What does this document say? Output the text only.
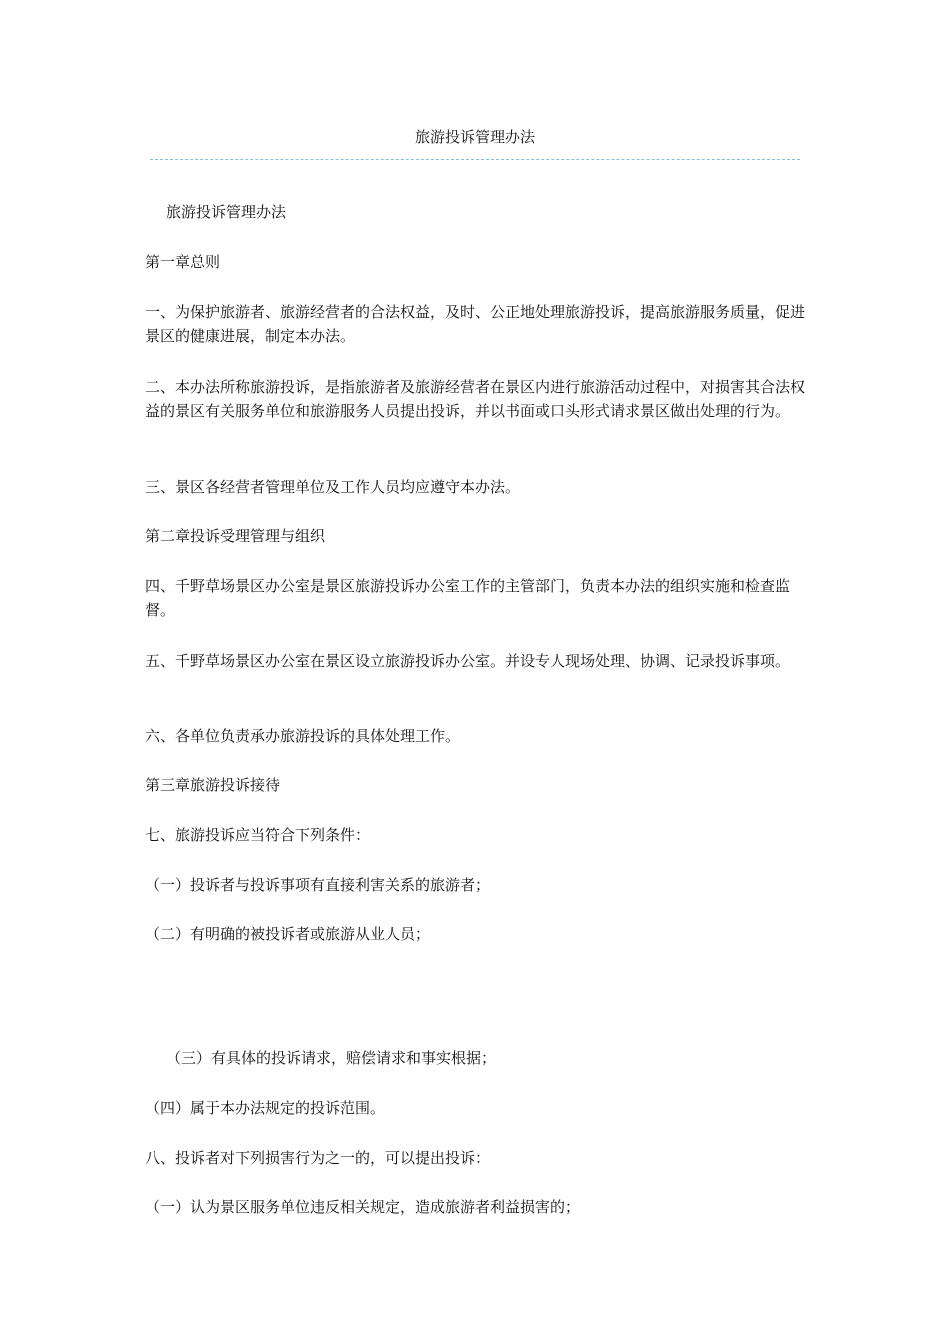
旅游投诉管理办法

旅游投诉管理办法

第一章总则

一、为保护旅游者、旅游经营者的合法权益，及时、公正地处理旅游投诉，提高旅游服务质量，促进景区的健康进展，制定本办法。

二、本办法所称旅游投诉，是指旅游者及旅游经营者在景区内进行旅游活动过程中，对损害其合法权益的景区有关服务单位和旅游服务人员提出投诉，并以书面或口头形式请求景区做出处理的行为。

三、景区各经营者管理单位及工作人员均应遵守本办法。

第二章投诉受理管理与组织

四、千野草场景区办公室是景区旅游投诉办公室工作的主管部门，负责本办法的组织实施和检查监督。

五、千野草场景区办公室在景区设立旅游投诉办公室。并设专人现场处理、协调、记录投诉事项。

六、各单位负责承办旅游投诉的具体处理工作。

第三章旅游投诉接待

七、旅游投诉应当符合下列条件：

（一）投诉者与投诉事项有直接利害关系的旅游者；

（二）有明确的被投诉者或旅游从业人员；

（三）有具体的投诉请求，赔偿请求和事实根据；

（四）属于本办法规定的投诉范围。

八、投诉者对下列损害行为之一的，可以提出投诉：

（一）认为景区服务单位违反相关规定，造成旅游者利益损害的；
